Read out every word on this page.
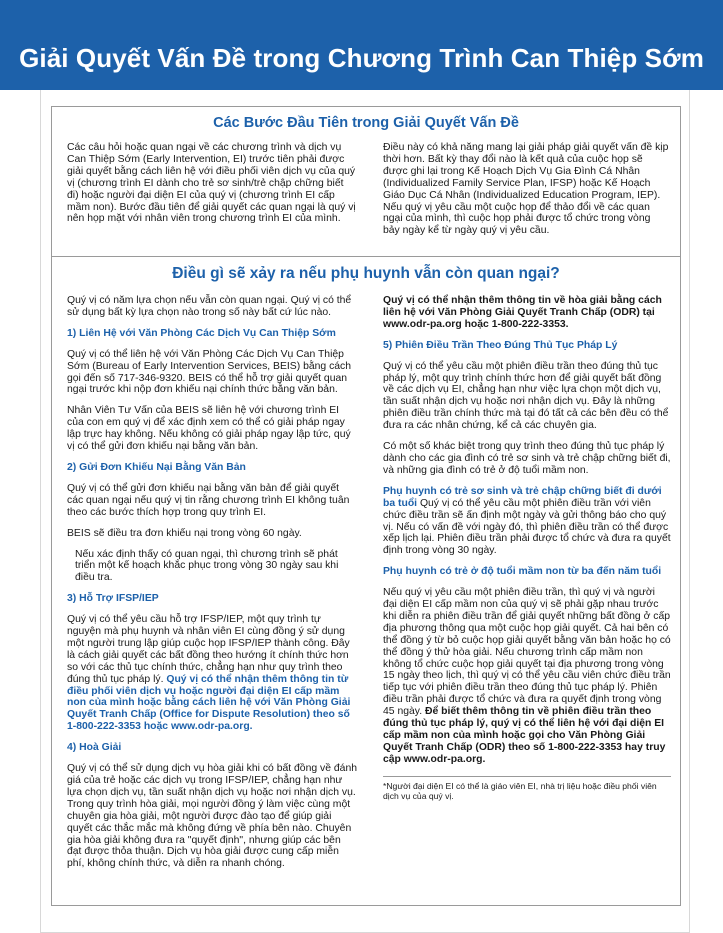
Giải Quyết Vấn Đề trong Chương Trình Can Thiệp Sớm
Các Bước Đầu Tiên trong Giải Quyết Vấn Đề

Các câu hỏi hoặc quan ngại về các chương trình và dịch vụ Can Thiệp Sớm (Early Intervention, EI) trước tiên phải được giải quyết bằng cách liên hệ với điều phối viên dịch vụ của quý vị (chương trình EI dành cho trẻ sơ sinh/trẻ chập chững biết đi) hoặc người đại diện EI của quý vị (chương trình EI cấp mầm non). Bước đầu tiên để giải quyết các quan ngại là quý vị nên họp mặt với nhân viên trong chương trình EI của mình.

Điều này có khả năng mang lại giải pháp giải quyết vấn đề kịp thời hơn. Bất kỳ thay đổi nào là kết quả của cuộc họp sẽ được ghi lại trong Kế Hoạch Dịch Vụ Gia Đình Cá Nhân (Individualized Family Service Plan, IFSP) hoặc Kế Hoạch Giáo Dục Cá Nhân (Individualized Education Program, IEP). Nếu quý vị yêu cầu một cuộc họp để thảo đổi về các quan ngại của mình, thì cuộc họp phải được tổ chức trong vòng bảy ngày kể từ ngày quý vị yêu cầu.

Điều gì sẽ xảy ra nếu phụ huynh vẫn còn quan ngại?

Quý vị có năm lựa chọn nếu vẫn còn quan ngại. Quý vị có thể sử dụng bất kỳ lựa chọn nào trong số này bất cứ lúc nào.

1) Liên Hệ với Văn Phòng Các Dịch Vụ Can Thiệp Sớm

Quý vị có thể liên hệ với Văn Phòng Các Dịch Vụ Can Thiệp Sớm (Bureau of Early Intervention Services, BEIS) bằng cách gọi đến số 717-346-9320. BEIS có thể hỗ trợ giải quyết quan ngại trước khi nộp đơn khiếu nại chính thức bằng văn bản.

Nhân Viên Tư Vấn của BEIS sẽ liên hệ với chương trình EI của con em quý vị để xác định xem có thể có giải pháp ngay lập trực hay không. Nếu không có giải pháp ngay lập tức, quý vị có thể gửi đơn khiếu nại bằng văn bản.

2) Gửi Đơn Khiếu Nại Bằng Văn Bản

Quý vị có thể gửi đơn khiếu nại bằng văn bản để giải quyết các quan ngại nếu quý vị tin rằng chương trình EI không tuân theo các bước thích hợp trong quy trình EI.

BEIS sẽ điều tra đơn khiếu nại trong vòng 60 ngày.

Nếu xác định thấy có quan ngại, thì chương trình sẽ phát triển một kế hoạch khắc phục trong vòng 30 ngày sau khi điều tra.

3) Hỗ Trợ IFSP/IEP

Quý vị có thể yêu cầu hỗ trợ IFSP/IEP, một quy trình tự nguyện mà phụ huynh và nhân viên EI cùng đồng ý sử dụng một người trung lập giúp cuộc họp IFSP/IEP thành công. Đây là cách giải quyết các bất đồng theo hướng ít chính thức hơn so với các thủ tục chính thức, chẳng hạn như quy trình theo đúng thủ tục pháp lý. Quý vị có thể nhận thêm thông tin từ điều phối viên dịch vụ hoặc người đại diện EI cấp mầm non của mình hoặc bằng cách liên hệ với Văn Phòng Giải Quyết Tranh Chấp (Office for Dispute Resolution) theo số 1-800-222-3353 hoặc www.odr-pa.org.

4) Hoà Giải

Quý vị có thể sử dụng dịch vụ hòa giải khi có bất đồng về đánh giá của trẻ hoặc các dịch vụ trong IFSP/IEP, chẳng hạn như lựa chọn dịch vụ, tần suất nhận dịch vụ hoặc nơi nhận dịch vụ. Trong quy trình hòa giải, mọi người đồng ý làm việc cùng một chuyên gia hòa giải, một người được đào tạo để giúp giải quyết các thắc mắc mà không đứng về phía bên nào. Chuyên gia hòa giải không đưa ra "quyết định", nhưng giúp các bên đạt được thỏa thuận. Dịch vụ hòa giải được cung cấp miễn phí, không chính thức, và diễn ra nhanh chóng.

Quý vị có thể nhận thêm thông tin về hòa giải bằng cách liên hệ với Văn Phòng Giải Quyết Tranh Chấp (ODR) tại www.odr-pa.org hoặc 1-800-222-3353.

5) Phiên Điều Trần Theo Đúng Thủ Tục Pháp Lý

Quý vị có thể yêu cầu một phiên điều trần theo đúng thủ tục pháp lý, một quy trình chính thức hơn để giải quyết bất đồng về các dịch vụ EI, chẳng hạn như việc lựa chọn một dịch vụ, tần suất nhận dịch vụ hoặc nơi nhận dịch vụ. Đây là những phiên điều trần chính thức mà tại đó tất cả các bên đều có thể đưa ra các nhân chứng, kể cả các chuyên gia.

Có một số khác biệt trong quy trình theo đúng thủ tục pháp lý dành cho các gia đình có trẻ sơ sinh và trẻ chập chững biết đi, và những gia đình có trẻ ở độ tuổi mầm non.

Phụ huynh có trẻ sơ sinh và trẻ chập chững biết đi dưới ba tuổi Quý vị có thể yêu cầu một phiên điều trần với viên chức điều trần sẽ ấn định một ngày và gửi thông báo cho quý vị. Nếu có vấn đề với ngày đó, thì phiên điều trần có thể được xếp lịch lại. Phiên điều trần phải được tổ chức và đưa ra quyết định trong vòng 30 ngày.

Phụ huynh có trẻ ở độ tuổi mầm non từ ba đến năm tuổi

Nếu quý vị yêu cầu một phiên điều trần, thì quý vị và người đại diện EI cấp mầm non của quý vị sẽ phải gặp nhau trước khi diễn ra phiên điều trần để giải quyết những bất đồng ở cấp địa phương thông qua một cuộc họp giải quyết. Cả hai bên có thể đồng ý từ bỏ cuộc họp giải quyết bằng văn bản hoặc họ có thể đồng ý thử hòa giải. Nếu chương trình cấp mầm non không tổ chức cuộc họp giải quyết tại địa phương trong vòng 15 ngày theo lịch, thì quý vị có thể yêu cầu viên chức điều trần tiếp tục với phiên điều trần theo đúng thủ tục pháp lý. Phiên điều trần phải được tổ chức và đưa ra quyết định trong vòng 45 ngày. Để biết thêm thông tin về phiên điều trần theo đúng thủ tục pháp lý, quý vị có thể liên hệ với đại diện EI cấp mầm non của mình hoặc gọi cho Văn Phòng Giải Quyết Tranh Chấp (ODR) theo số 1-800-222-3353 hay truy cập www.odr-pa.org.

*Người đại diện EI có thể là giáo viên EI, nhà trị liệu hoặc điều phối viên dịch vụ của quý vị.
